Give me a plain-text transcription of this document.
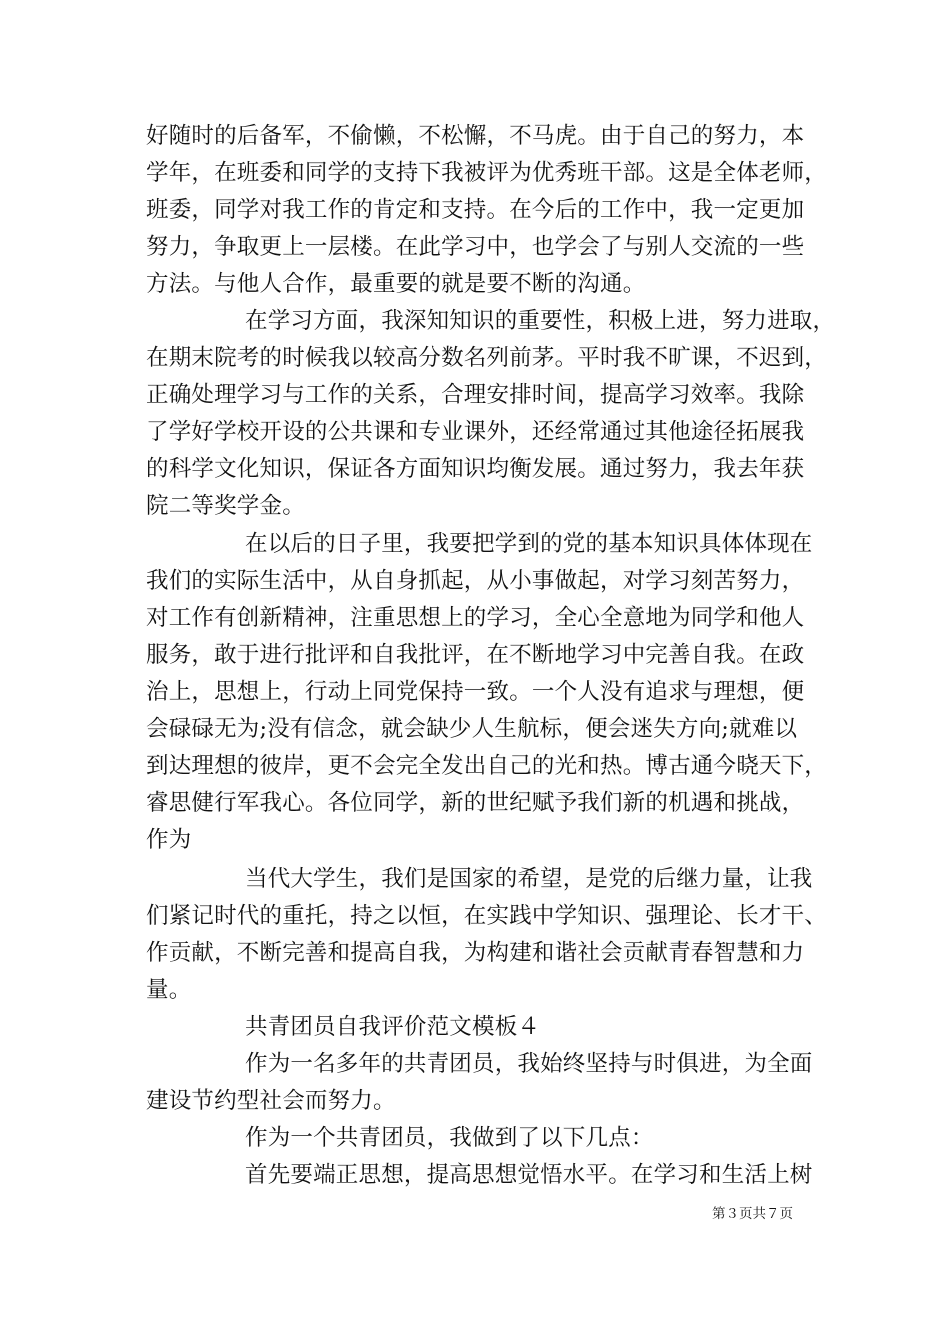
好随时的后备军，不偷懒，不松懈，不马虎。由于自己的努力，本
学年，在班委和同学的支持下我被评为优秀班干部。这是全体老师，
班委，同学对我工作的肯定和支持。在今后的工作中，我一定更加
努力，争取更上一层楼。在此学习中，也学会了与别人交流的一些
方法。与他人合作，最重要的就是要不断的沟通。
在学习方面，我深知知识的重要性，积极上进，努力进取，
在期末院考的时候我以较高分数名列前茅。平时我不旷课，不迟到，
正确处理学习与工作的关系，合理安排时间，提高学习效率。我除
了学好学校开设的公共课和专业课外，还经常通过其他途径拓展我
的科学文化知识，保证各方面知识均衡发展。通过努力，我去年获
院二等奖学金。
在以后的日子里，我要把学到的党的基本知识具体体现在
我们的实际生活中，从自身抓起，从小事做起，对学习刻苦努力，
对工作有创新精神，注重思想上的学习，全心全意地为同学和他人
服务，敢于进行批评和自我批评，在不断地学习中完善自我。在政
治上，思想上，行动上同党保持一致。一个人没有追求与理想，便
会碌碌无为;没有信念，就会缺少人生航标，便会迷失方向;就难以
到达理想的彼岸，更不会完全发出自己的光和热。博古通今晓天下，
睿思健行军我心。各位同学，新的世纪赋予我们新的机遇和挑战，
作为
当代大学生，我们是国家的希望，是党的后继力量，让我
们紧记时代的重托，持之以恒，在实践中学知识、强理论、长才干、
作贡献，不断完善和提高自我，为构建和谐社会贡献青春智慧和力
量。
共青团员自我评价范文模板４
作为一名多年的共青团员，我始终坚持与时俱进，为全面
建设节约型社会而努力。
作为一个共青团员，我做到了以下几点：
首先要端正思想，提高思想觉悟水平。在学习和生活上树
第３页共７页
